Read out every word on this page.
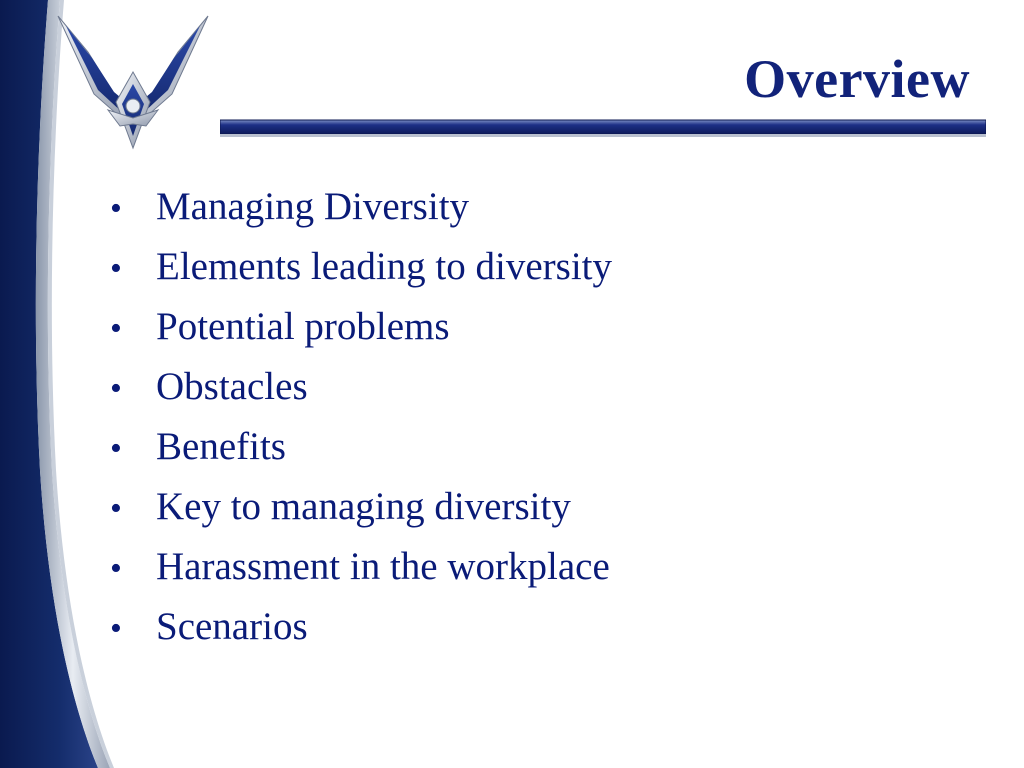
Overview
• Managing Diversity
• Elements leading to diversity
• Potential problems
• Obstacles
• Benefits
• Key to managing diversity
• Harassment in the workplace
• Scenarios
